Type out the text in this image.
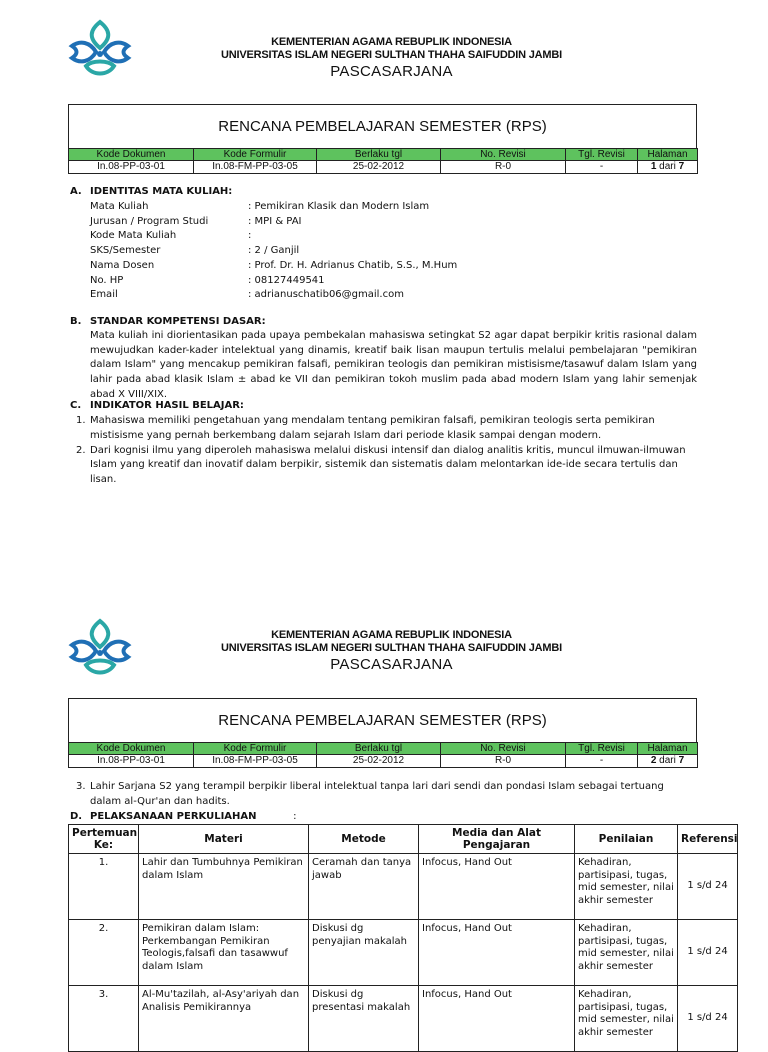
KEMENTERIAN AGAMA REBUPLIK INDONESIA
UNIVERSITAS ISLAM NEGERI SULTHAN THAHA SAIFUDDIN JAMBI
PASCASARJANA
RENCANA PEMBELAJARAN SEMESTER (RPS)
Kode Dokumen	Kode Formulir	Berlaku tgl	No. Revisi	Tgl. Revisi	Halaman
In.08-PP-03-01	In.08-FM-PP-03-05	25-02-2012	R-0	-	1 dari 7
A. IDENTITAS MATA KULIAH:
Mata Kuliah	: Pemikiran Klasik dan Modern Islam
Jurusan / Program Studi	: MPI & PAI
Kode Mata Kuliah	:
SKS/Semester	: 2 / Ganjil
Nama Dosen	: Prof. Dr. H. Adrianus Chatib, S.S., M.Hum
No. HP	: 08127449541
Email	: adrianuschatib06@gmail.com
B. STANDAR KOMPETENSI DASAR:
Mata kuliah ini diorientasikan pada upaya pembekalan mahasiswa setingkat S2 agar dapat berpikir kritis rasional dalam mewujudkan kader-kader intelektual yang dinamis, kreatif baik lisan maupun tertulis melalui pembelajaran "pemikiran dalam Islam" yang mencakup pemikiran falsafi, pemikiran teologis dan pemikiran mistisisme/tasawuf dalam Islam yang lahir pada abad klasik Islam ± abad ke VII dan pemikiran tokoh muslim pada abad modern Islam yang lahir semenjak abad X VIII/XIX.
C. INDIKATOR HASIL BELAJAR:
1. Mahasiswa memiliki pengetahuan yang mendalam tentang pemikiran falsafi, pemikiran teologis serta pemikiran mistisisme yang pernah berkembang dalam sejarah Islam dari periode klasik sampai dengan modern.
2. Dari kognisi ilmu yang diperoleh mahasiswa melalui diskusi intensif dan dialog analitis kritis, muncul ilmuwan-ilmuwan Islam yang kreatif dan inovatif dalam berpikir, sistemik dan sistematis dalam melontarkan ide-ide secara tertulis dan lisan.
KEMENTERIAN AGAMA REBUPLIK INDONESIA
UNIVERSITAS ISLAM NEGERI SULTHAN THAHA SAIFUDDIN JAMBI
PASCASARJANA
RENCANA PEMBELAJARAN SEMESTER (RPS)
Kode Dokumen	Kode Formulir	Berlaku tgl	No. Revisi	Tgl. Revisi	Halaman
In.08-PP-03-01	In.08-FM-PP-03-05	25-02-2012	R-0	-	2 dari 7
3. Lahir Sarjana S2 yang terampil berpikir liberal intelektual tanpa lari dari sendi dan pondasi Islam sebagai tertuang dalam al-Qur'an dan hadits.
D. PELAKSANAAN PERKULIAHAN	:
Pertemuan Ke:	Materi	Metode	Media dan Alat Pengajaran	Penilaian	Referensi
1.	Lahir dan Tumbuhnya Pemikiran dalam Islam	Ceramah dan tanya jawab	Infocus, Hand Out	Kehadiran, partisipasi, tugas, mid semester, nilai akhir semester	1 s/d 24
2.	Pemikiran dalam Islam: Perkembangan Pemikiran Teologis,falsafi dan tasawwuf dalam Islam	Diskusi dg penyajian makalah	Infocus, Hand Out	Kehadiran, partisipasi, tugas, mid semester, nilai akhir semester	1 s/d 24
3.	Al-Mu'tazilah, al-Asy'ariyah dan Analisis Pemikirannya	Diskusi dg presentasi makalah	Infocus, Hand Out	Kehadiran, partisipasi, tugas, mid semester, nilai akhir semester	1 s/d 24
